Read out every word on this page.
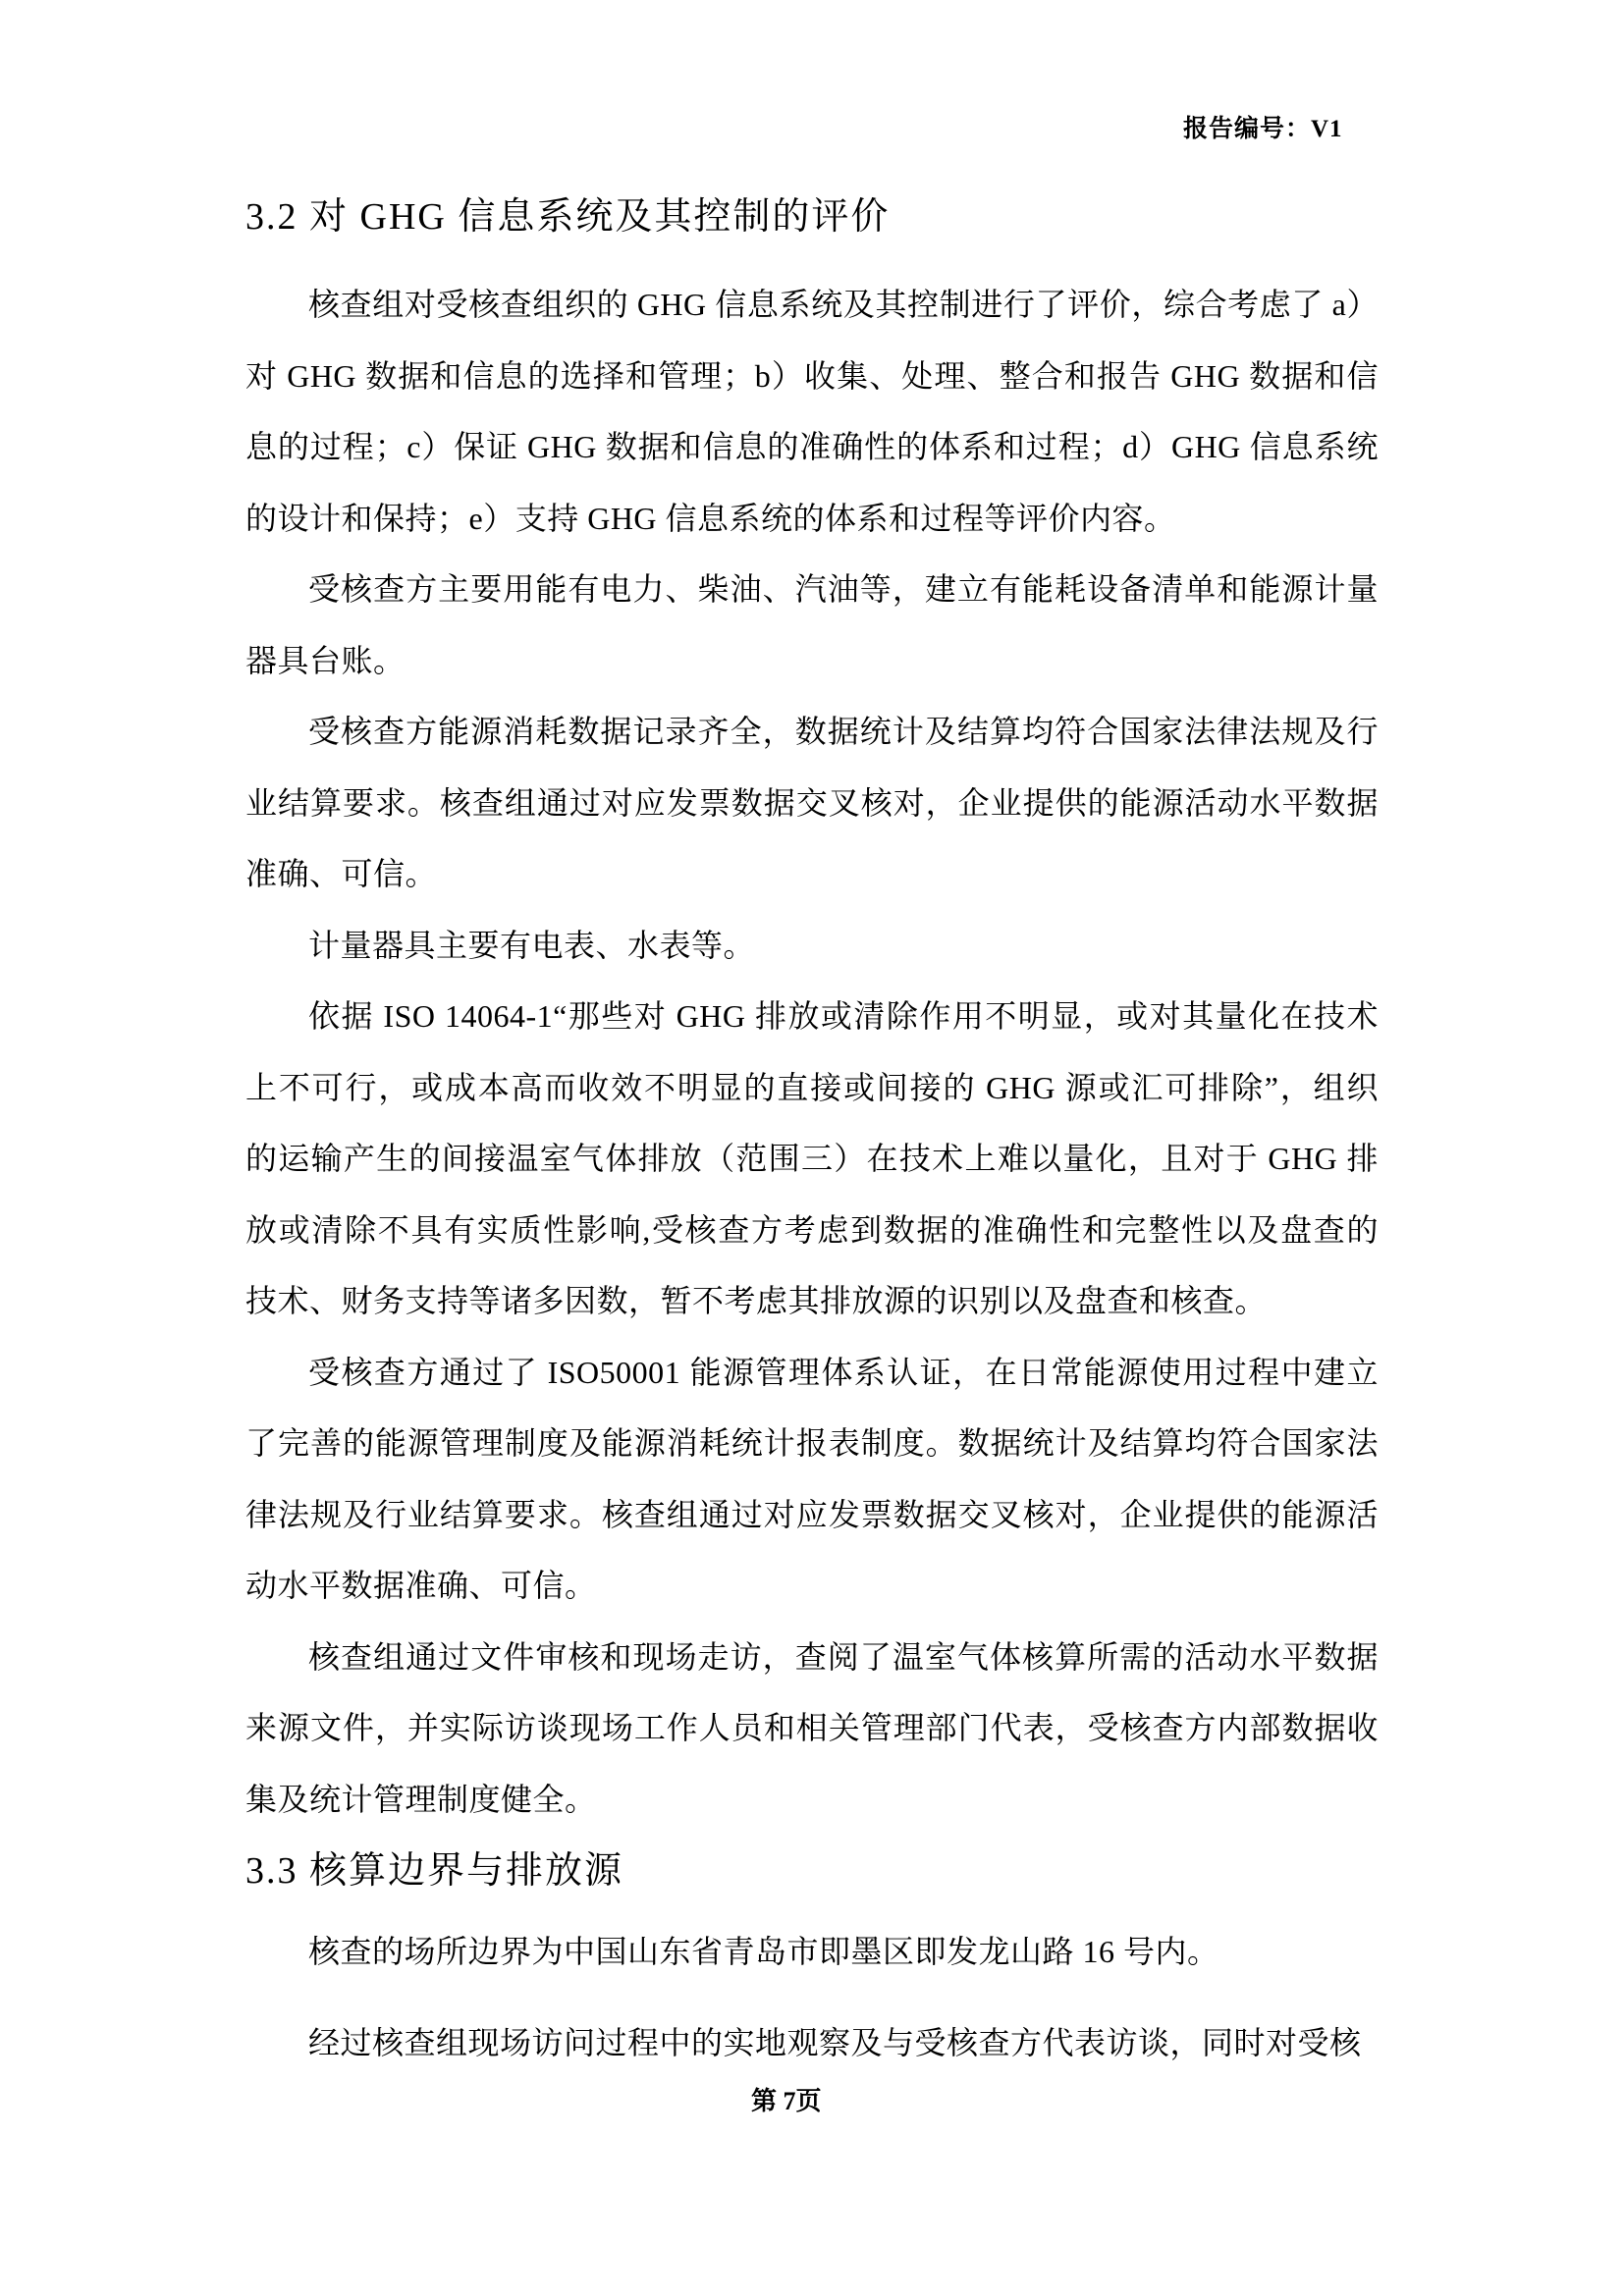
报告编号：V1
3.2 对 GHG 信息系统及其控制的评价
核查组对受核查组织的 GHG 信息系统及其控制进行了评价，综合考虑了 a）
对 GHG 数据和信息的选择和管理；b）收集、处理、整合和报告 GHG 数据和信
息的过程；c）保证 GHG 数据和信息的准确性的体系和过程；d）GHG 信息系统
的设计和保持；e）支持 GHG 信息系统的体系和过程等评价内容。
受核查方主要用能有电力、柴油、汽油等，建立有能耗设备清单和能源计量
器具台账。
受核查方能源消耗数据记录齐全，数据统计及结算均符合国家法律法规及行
业结算要求。核查组通过对应发票数据交叉核对，企业提供的能源活动水平数据
准确、可信。
计量器具主要有电表、水表等。
依据 ISO 14064-1“那些对 GHG 排放或清除作用不明显，或对其量化在技术
上不可行，或成本高而收效不明显的直接或间接的 GHG 源或汇可排除”，组织
的运输产生的间接温室气体排放（范围三）在技术上难以量化，且对于 GHG 排
放或清除不具有实质性影响,受核查方考虑到数据的准确性和完整性以及盘查的
技术、财务支持等诸多因数，暂不考虑其排放源的识别以及盘查和核查。
受核查方通过了 ISO50001 能源管理体系认证，在日常能源使用过程中建立
了完善的能源管理制度及能源消耗统计报表制度。数据统计及结算均符合国家法
律法规及行业结算要求。核查组通过对应发票数据交叉核对，企业提供的能源活
动水平数据准确、可信。
核查组通过文件审核和现场走访，查阅了温室气体核算所需的活动水平数据
来源文件，并实际访谈现场工作人员和相关管理部门代表，受核查方内部数据收
集及统计管理制度健全。
3.3 核算边界与排放源
核查的场所边界为中国山东省青岛市即墨区即发龙山路 16 号内。
经过核查组现场访问过程中的实地观察及与受核查方代表访谈，同时对受核
第 7页
